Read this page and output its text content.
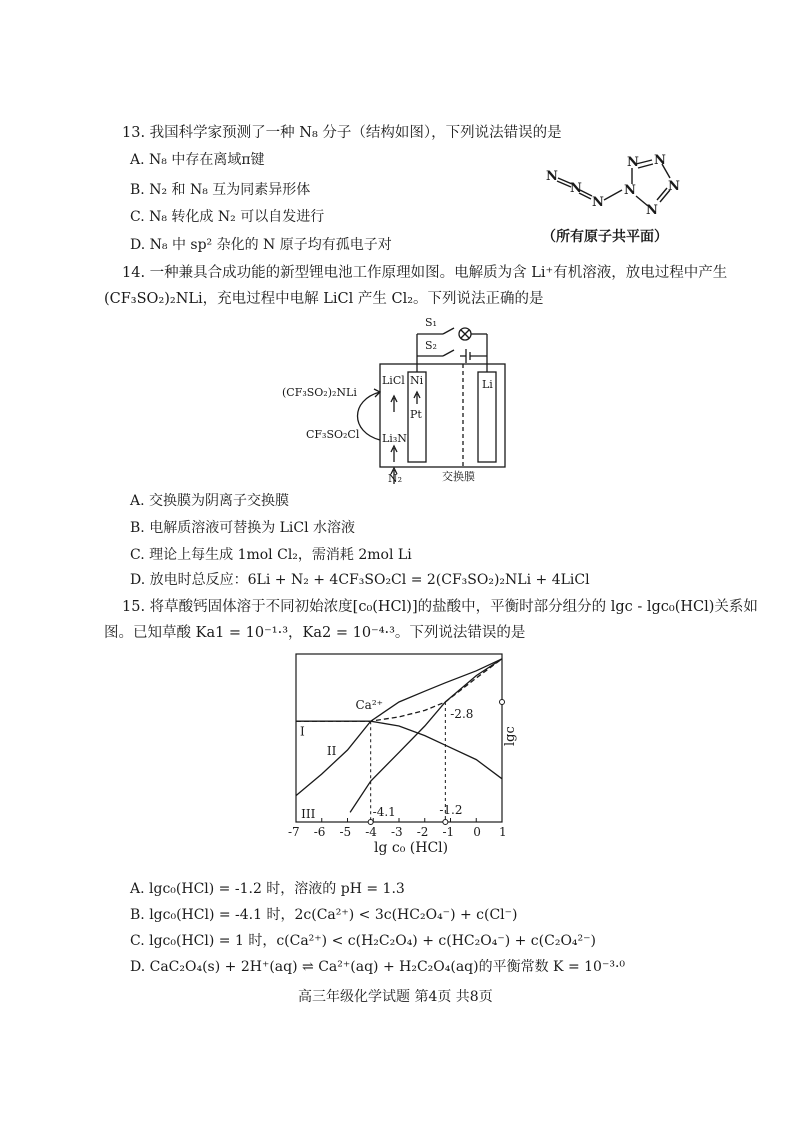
13. 我国科学家预测了一种 N₈ 分子（结构如图），下列说法错误的是
A. N₈ 中存在离域π键
B. N₂ 和 N₈ 互为同素异形体
C. N₈ 转化成 N₂ 可以自发进行
D. N₈ 中 sp² 杂化的 N 原子均有孤电子对
N
N
N
N
N N
N
N
（所有原子共平面）
14. 一种兼具合成功能的新型锂电池工作原理如图。电解质为含 Li⁺有机溶液，放电过程中产生
(CF₃SO₂)₂NLi，充电过程中电解 LiCl 产生 Cl₂。下列说法正确的是
S₁
S₂
LiCl Ni
Pt
Li
(CF₃SO₂)₂NLi
CF₃SO₂Cl Li₃N
N₂	交换膜
A. 交换膜为阴离子交换膜
B. 电解质溶液可替换为 LiCl 水溶液
C. 理论上每生成 1mol Cl₂，需消耗 2mol Li
D. 放电时总反应：6Li + N₂ + 4CF₃SO₂Cl = 2(CF₃SO₂)₂NLi + 4LiCl
15. 将草酸钙固体溶于不同初始浓度[c₀(HCl)]的盐酸中，平衡时部分组分的 lgc - lgc₀(HCl)关系如
图。已知草酸 Ka1 = 10⁻¹·³，Ka2 = 10⁻⁴·³。下列说法错误的是
-4.1	-1.2
-2.8
Ca²⁺
I
II
III
-7 -6 -5 -4 -3 -2 -1 0 1
lgc
lg c₀ (HCl)
A. lgc₀(HCl) = -1.2 时，溶液的 pH = 1.3
B. lgc₀(HCl) = -4.1 时，2c(Ca²⁺) < 3c(HC₂O₄⁻) + c(Cl⁻)
C. lgc₀(HCl) = 1 时，c(Ca²⁺) < c(H₂C₂O₄) + c(HC₂O₄⁻) + c(C₂O₄²⁻)
D. CaC₂O₄(s) + 2H⁺(aq) ⇌ Ca²⁺(aq) + H₂C₂O₄(aq)的平衡常数 K = 10⁻³·⁰
高三年级化学试题 第4页 共8页
